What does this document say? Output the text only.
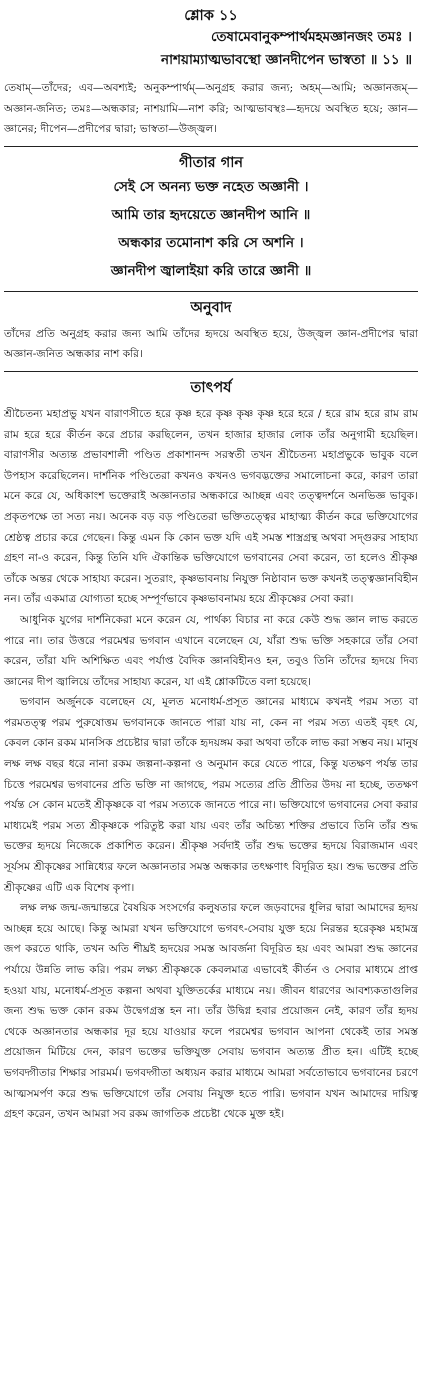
শ্লোক ১১

তেষামেবানুকম্পার্থমহমজ্ঞানজং তমঃ ।

নাশয়াম্যাত্মভাবস্থো জ্ঞানদীপেন ভাস্বতা ॥ ১১ ॥

তেষাম্—তাঁদের; এব—অবশ্যই; অনুকম্পার্থম্—অনুগ্রহ করার জন্য; অহম্—আমি; অজ্ঞানজম্—অজ্ঞান-জনিত; তমঃ—অন্ধকার; নাশয়ামি—নাশ করি; আত্মভাবস্থঃ—হৃদয়ে অবস্থিত হয়ে; জ্ঞান—জ্ঞানের; দীপেন—প্রদীপের দ্বারা; ভাস্বতা—উজ্জ্বল।

গীতার গান

সেই সে অনন্য ভক্ত নহেত অজ্ঞানী ।

আমি তার হৃদয়েতে জ্ঞানদীপ আনি ॥

অন্ধকার তমোনাশ করি সে অশনি ।

জ্ঞানদীপ জ্বালাইয়া করি তারে জ্ঞানী ॥

অনুবাদ

তাঁদের প্রতি অনুগ্রহ করার জন্য আমি তাঁদের হৃদয়ে অবস্থিত হয়ে, উজ্জ্বল জ্ঞান-প্রদীপের দ্বারা অজ্ঞান-জনিত অন্ধকার নাশ করি।

তাৎপর্য

শ্রীচৈতন্য মহাপ্রভু যখন বারাণসীতে হরে কৃষ্ণ হরে কৃষ্ণ কৃষ্ণ কৃষ্ণ হরে হরে / হরে রাম হরে রাম রাম রাম হরে হরে কীর্তন করে প্রচার করছিলেন, তখন হাজার হাজার লোক তাঁর অনুগামী হয়েছিল। বারাণসীর অত্যন্ত প্রভাবশালী পণ্ডিত প্রকাশানন্দ সরস্বতী তখন শ্রীচৈতন্য মহাপ্রভুকে ভাবুক বলে উপহাস করেছিলেন। দার্শনিক পণ্ডিতেরা কখনও কখনও ভগবদ্ভক্তের সমালোচনা করে, কারণ তারা মনে করে যে, অধিকাংশ ভক্তেরাই অজ্ঞানতার অন্ধকারে আচ্ছন্ন এবং তত্ত্বদর্শনে অনভিজ্ঞ ভাবুক। প্রকৃতপক্ষে তা সত্য নয়। অনেক বড় বড় পণ্ডিতেরা ভক্তিতত্ত্বের মাহাত্ম্য কীর্তন করে ভক্তিযোগের শ্রেষ্ঠত্ব প্রচার করে গেছেন। কিন্তু এমন কি কোন ভক্ত যদি এই সমস্ত শাস্ত্রগ্রন্থ অথবা সদ্গুরুর সাহায্য গ্রহণ না-ও করেন, কিন্তু তিনি যদি ঐকান্তিক ভক্তিযোগে ভগবানের সেবা করেন, তা হলেও শ্রীকৃষ্ণ তাঁকে অন্তর থেকে সাহায্য করেন। সুতরাং, কৃষ্ণভাবনায় নিযুক্ত নিষ্ঠাবান ভক্ত কখনই তত্ত্বজ্ঞানবিহীন নন। তাঁর একমাত্র যোগ্যতা হচ্ছে সম্পূর্ণভাবে কৃষ্ণভাবনাময় হয়ে শ্রীকৃষ্ণের সেবা করা।

আধুনিক যুগের দার্শনিকেরা মনে করেন যে, পার্থক্য বিচার না করে কেউ শুদ্ধ জ্ঞান লাভ করতে পারে না। তার উত্তরে পরমেশ্বর ভগবান এখানে বলেছেন যে, যাঁরা শুদ্ধ ভক্তি সহকারে তাঁর সেবা করেন, তাঁরা যদি অশিক্ষিত এবং পর্যাপ্ত বৈদিক জ্ঞানবিহীনও হন, তবুও তিনি তাঁদের হৃদয়ে দিব্য জ্ঞানের দীপ জ্বালিয়ে তাঁদের সাহায্য করেন, যা এই শ্লোকটিতে বলা হয়েছে।

ভগবান অর্জুনকে বলেছেন যে, মূলত মনোধর্ম-প্রসূত জ্ঞানের মাধ্যমে কখনই পরম সত্য বা পরমতত্ত্ব পরম পুরুষোত্তম ভগবানকে জানতে পারা যায় না, কেন না পরম সত্য এতই বৃহৎ যে, কেবল কোন রকম মানসিক প্রচেষ্টার দ্বারা তাঁকে হৃদয়ঙ্গম করা অথবা তাঁকে লাভ করা সম্ভব নয়। মানুষ লক্ষ লক্ষ বছর ধরে নানা রকম জল্পনা-কল্পনা ও অনুমান করে যেতে পারে, কিন্তু যতক্ষণ পর্যন্ত তার চিত্তে পরমেশ্বর ভগবানের প্রতি ভক্তি না জাগছে, পরম সত্যের প্রতি প্রীতির উদয় না হচ্ছে, ততক্ষণ পর্যন্ত সে কোন মতেই শ্রীকৃষ্ণকে বা পরম সত্যকে জানতে পারে না। ভক্তিযোগে ভগবানের সেবা করার মাধ্যমেই পরম সত্য শ্রীকৃষ্ণকে পরিতুষ্ট করা যায় এবং তাঁর অচিন্ত্য শক্তির প্রভাবে তিনি তাঁর শুদ্ধ ভক্তের হৃদয়ে নিজেকে প্রকাশিত করেন। শ্রীকৃষ্ণ সর্বদাই তাঁর শুদ্ধ ভক্তের হৃদয়ে বিরাজমান এবং সূর্যসম শ্রীকৃষ্ণের সান্নিধ্যের ফলে অজ্ঞানতার সমস্ত অন্ধকার তৎক্ষণাৎ বিদূরিত হয়। শুদ্ধ ভক্তের প্রতি শ্রীকৃষ্ণের এটি এক বিশেষ কৃপা।

লক্ষ লক্ষ জন্ম-জন্মান্তরে বৈষয়িক সংসর্গের কলুষতার ফলে জড়বাদের ধূলির দ্বারা আমাদের হৃদয় আচ্ছন্ন হয়ে আছে। কিন্তু আমরা যখন ভক্তিযোগে ভগবৎ-সেবায় যুক্ত হয়ে নিরন্তর হরেকৃষ্ণ মহামন্ত্র জপ করতে থাকি, তখন অতি শীঘ্রই হৃদয়ের সমস্ত আবর্জনা বিদূরিত হয় এবং আমরা শুদ্ধ জ্ঞানের পর্যায়ে উন্নতি লাভ করি। পরম লক্ষ্য শ্রীকৃষ্ণকে কেবলমাত্র এভাবেই কীর্তন ও সেবার মাধ্যমে প্রাপ্ত হওয়া যায়, মনোধর্ম-প্রসূত কল্পনা অথবা যুক্তিতর্কের মাধ্যমে নয়। জীবন ধারণের আবশ্যকতাগুলির জন্য শুদ্ধ ভক্ত কোন রকম উদ্বেগগ্রস্ত হন না। তাঁর উদ্বিগ্ন হবার প্রয়োজন নেই, কারণ তাঁর হৃদয় থেকে অজ্ঞানতার অন্ধকার দূর হয়ে যাওয়ার ফলে পরমেশ্বর ভগবান আপনা থেকেই তার সমস্ত প্রয়োজন মিটিয়ে দেন, কারণ ভক্তের ভক্তিযুক্ত সেবায় ভগবান অত্যন্ত প্রীত হন। এটিই হচ্ছে ভগবদ্গীতার শিক্ষার সারমর্ম। ভগবদ্গীতা অধ্যয়ন করার মাধ্যমে আমরা সর্বতোভাবে ভগবানের চরণে আত্মসমর্পণ করে শুদ্ধ ভক্তিযোগে তাঁর সেবায় নিযুক্ত হতে পারি। ভগবান যখন আমাদের দায়িত্ব গ্রহণ করেন, তখন আমরা সব রকম জাগতিক প্রচেষ্টা থেকে মুক্ত হই।
